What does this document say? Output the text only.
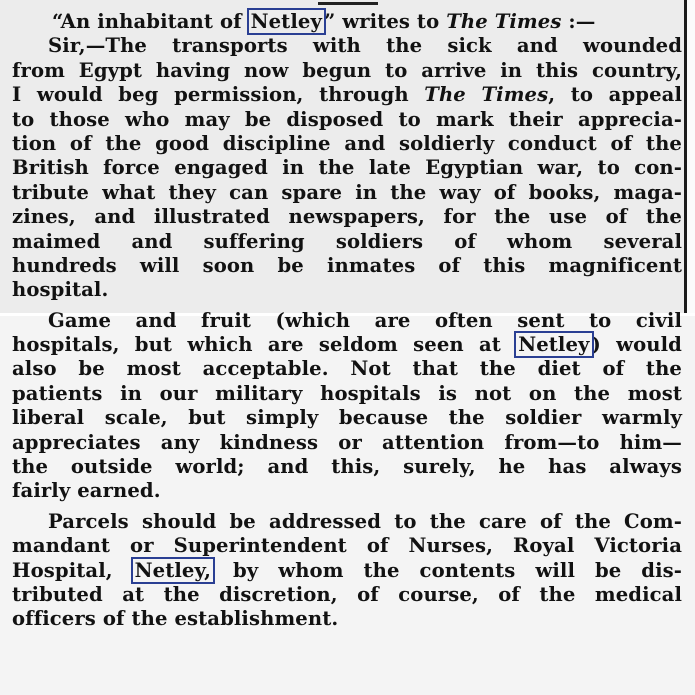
“An inhabitant of Netley ” writes to The Times :—
Sir,—The transports with the sick and wounded
from Egypt having now begun to arrive in this country,
I would beg permission, through The Times, to appeal
to those who may be disposed to mark their apprecia-
tion of the good discipline and soldierly conduct of the
British force engaged in the late Egyptian war, to con-
tribute what they can spare in the way of books, maga-
zines, and illustrated newspapers, for the use of the
maimed and suffering soldiers of whom several
hundreds will soon be inmates of this magnificent
hospital.
Game and fruit (which are often sent to civil
hospitals, but which are seldom seen at Netley ) would
also be most acceptable. Not that the diet of the
patients in our military hospitals is not on the most
liberal scale, but simply because the soldier warmly
appreciates any kindness or attention from—to him—
the outside world; and this, surely, he has always
fairly earned.
Parcels should be addressed to the care of the Com-
mandant or Superintendent of Nurses, Royal Victoria
Hospital, Netley, by whom the contents will be dis-
tributed at the discretion, of course, of the medical
officers of the establishment.
